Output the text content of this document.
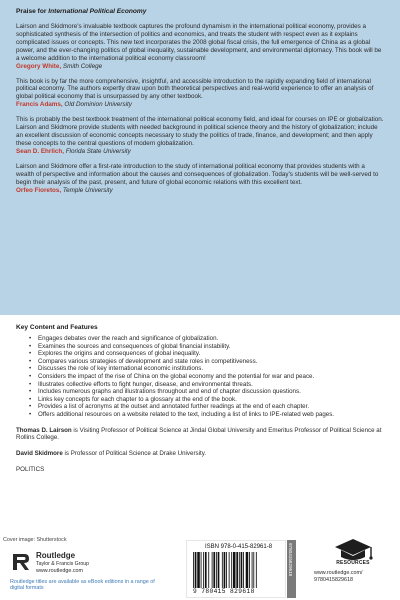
Praise for International Political Economy

Lairson and Skidmore's invaluable textbook captures the profound dynamism in the international political economy, provides a sophisticated synthesis of the intersection of politics and economics, and treats the student with respect even as it explains complicated issues or concepts. This new text incorporates the 2008 global fiscal crisis, the full emergence of China as a global power, and the ever-changing politics of global inequality, sustainable development, and environmental diplomacy. This book will be a welcome addition to the international political economy classroom!

Gregory White, Smith College

This book is by far the more comprehensive, insightful, and accessible introduction to the rapidly expanding field of international political economy. The authors expertly draw upon both theoretical perspectives and real-world experience to offer an analysis of global political economy that is unsurpassed by any other textbook.

Francis Adams, Old Dominion University

This is probably the best textbook treatment of the international political economy field, and ideal for courses on IPE or globalization. Lairson and Skidmore provide students with needed background in political science theory and the history of globalization; include an excellent discussion of economic concepts necessary to study the politics of trade, finance, and development; and then apply these concepts to the central questions of modern globalization.

Sean D. Ehrlich, Florida State University

Lairson and Skidmore offer a first-rate introduction to the study of international political economy that provides students with a wealth of perspective and information about the causes and consequences of globalization. Today's students will be well-served to begin their analysis of the past, present, and future of global economic relations with this excellent text.

Orfeo Fioretos, Temple University

Key Content and Features
• Engages debates over the reach and significance of globalization.
• Examines the sources and consequences of global financial instability.
• Explores the origins and consequences of global inequality.
• Compares various strategies of development and state roles in competitiveness.
• Discusses the role of key international economic institutions.
• Considers the impact of the rise of China on the global economy and the potential for war and peace.
• Illustrates collective efforts to fight hunger, disease, and environmental threats.
• Includes numerous graphs and illustrations throughout and end of chapter discussion questions.
• Links key concepts for each chapter to a glossary at the end of the book.
• Provides a list of acronyms at the outset and annotated further readings at the end of each chapter.
• Offers additional resources on a website related to the text, including a list of links to IPE-related web pages.

Thomas D. Lairson is Visiting Professor of Political Science at Jindal Global University and Emeritus Professor of Political Science at Rollins College.

David Skidmore is Professor of Political Science at Drake University.

POLITICS

Cover image: Shutterstock
Routledge
Taylor & Francis Group
www.routledge.com
Routledge titles are available as eBook editions in a range of digital formats
ISBN 978-0-415-82961-8
9 780415 829618
9780415829618	RESOURCES
www.routledge.com/ 9780415829618
